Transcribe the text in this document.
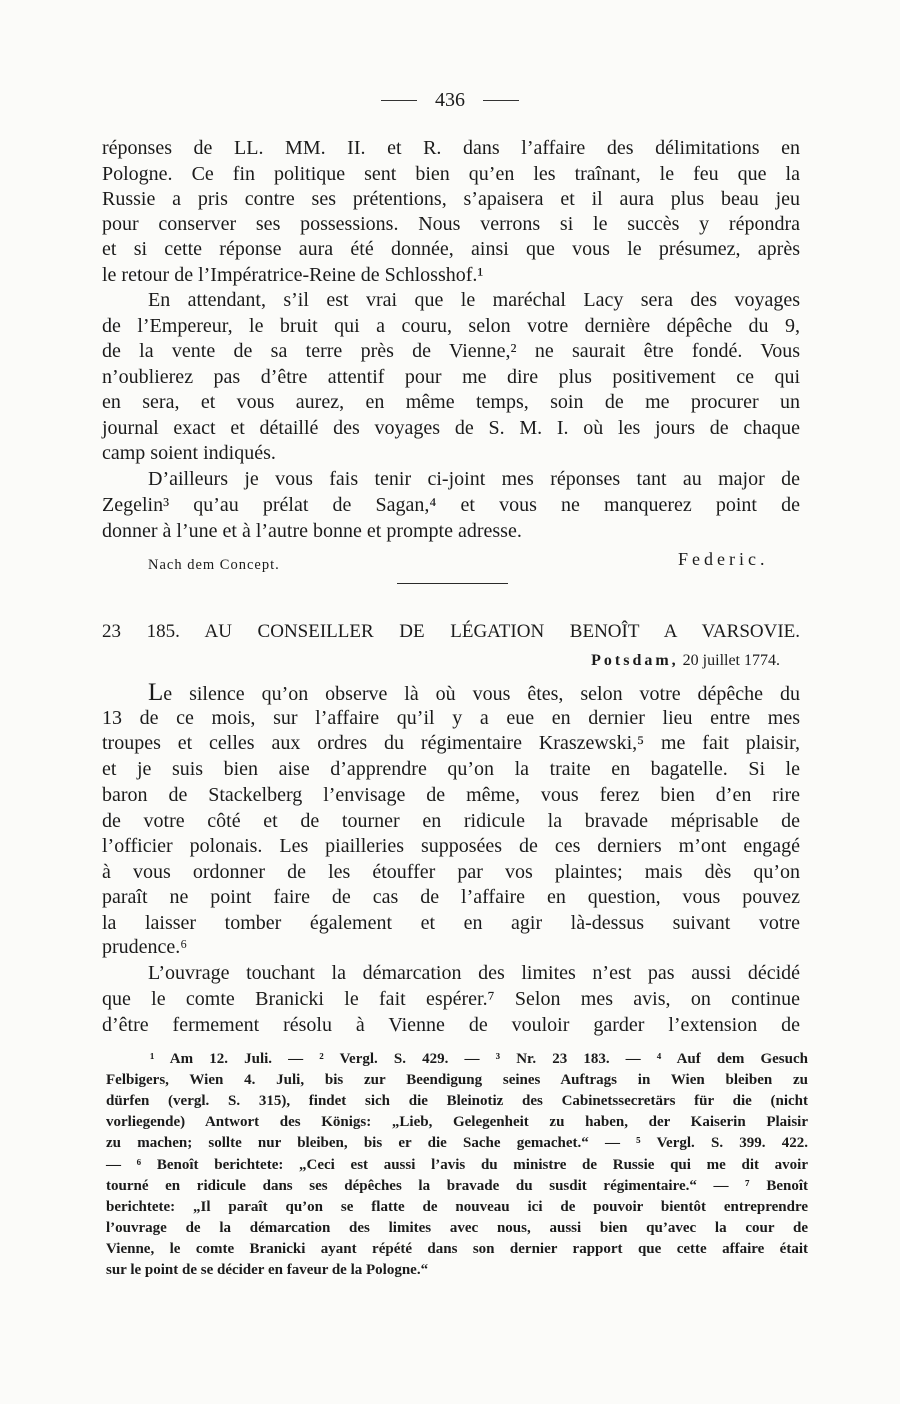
436
réponses de LL. MM. II. et R. dans l’affaire des délimitations en
Pologne. Ce fin politique sent bien qu’en les traînant, le feu que la
Russie a pris contre ses prétentions, s’apaisera et il aura plus beau jeu
pour conserver ses possessions. Nous verrons si le succès y répondra
et si cette réponse aura été donnée, ainsi que vous le présumez, après
le retour de l’Impératrice-Reine de Schlosshof.¹
En attendant, s’il est vrai que le maréchal Lacy sera des voyages
de l’Empereur, le bruit qui a couru, selon votre dernière dépêche du 9,
de la vente de sa terre près de Vienne,² ne saurait être fondé. Vous
n’oublierez pas d’être attentif pour me dire plus positivement ce qui
en sera, et vous aurez, en même temps, soin de me procurer un
journal exact et détaillé des voyages de S. M. I. où les jours de chaque
camp soient indiqués.
D’ailleurs je vous fais tenir ci-joint mes réponses tant au major de
Zegelin³ qu’au prélat de Sagan,⁴ et vous ne manquerez point de
donner à l’une et à l’autre bonne et prompte adresse.
Nach dem Concept.	Federic.
23 185. AU CONSEILLER DE LÉGATION BENOÎT A VARSOVIE.
Potsdam, 20 juillet 1774.
Le silence qu’on observe là où vous êtes, selon votre dépêche du
13 de ce mois, sur l’affaire qu’il y a eue en dernier lieu entre mes
troupes et celles aux ordres du régimentaire Kraszewski,⁵ me fait plaisir,
et je suis bien aise d’apprendre qu’on la traite en bagatelle. Si le
baron de Stackelberg l’envisage de même, vous ferez bien d’en rire
de votre côté et de tourner en ridicule la bravade méprisable de
l’officier polonais. Les piailleries supposées de ces derniers m’ont engagé
à vous ordonner de les étouffer par vos plaintes; mais dès qu’on
paraît ne point faire de cas de l’affaire en question, vous pouvez
la laisser tomber également et en agir là-dessus suivant votre
prudence.⁶
L’ouvrage touchant la démarcation des limites n’est pas aussi décidé
que le comte Branicki le fait espérer.⁷ Selon mes avis, on continue
d’être fermement résolu à Vienne de vouloir garder l’extension de
¹ Am 12. Juli. — ² Vergl. S. 429. — ³ Nr. 23 183. — ⁴ Auf dem Gesuch
Felbigers, Wien 4. Juli, bis zur Beendigung seines Auftrags in Wien bleiben zu
dürfen (vergl. S. 315), findet sich die Bleinotiz des Cabinetssecretärs für die (nicht
vorliegende) Antwort des Königs: „Lieb, Gelegenheit zu haben, der Kaiserin Plaisir
zu machen; sollte nur bleiben, bis er die Sache gemachet.“ — ⁵ Vergl. S. 399. 422.
— ⁶ Benoît berichtete: „Ceci est aussi l’avis du ministre de Russie qui me dit avoir
tourné en ridicule dans ses dépêches la bravade du susdit régimentaire.“ — ⁷ Benoît
berichtete: „Il paraît qu’on se flatte de nouveau ici de pouvoir bientôt entreprendre
l’ouvrage de la démarcation des limites avec nous, aussi bien qu’avec la cour de
Vienne, le comte Branicki ayant répété dans son dernier rapport que cette affaire était
sur le point de se décider en faveur de la Pologne.“
